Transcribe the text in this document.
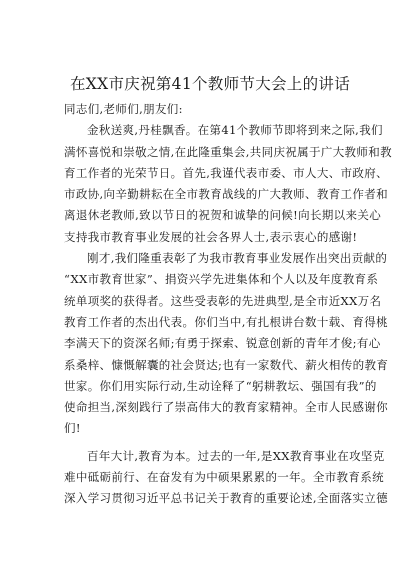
在XX市庆祝第41个教师节大会上的讲话
同志们,老师们,朋友们:
金秋送爽,丹桂飘香。在第41个教师节即将到来之际,我们
满怀喜悦和崇敬之情,在此隆重集会,共同庆祝属于广大教师和教
育工作者的光荣节日。首先,我谨代表市委、市人大、市政府、
市政协,向辛勤耕耘在全市教育战线的广大教师、教育工作者和
离退休老教师,致以节日的祝贺和诚挚的问候!向长期以来关心
支持我市教育事业发展的社会各界人士,表示衷心的感谢!
刚才,我们隆重表彰了为我市教育事业发展作出突出贡献的
“XX市教育世家”、捐资兴学先进集体和个人以及年度教育系
统单项奖的获得者。这些受表彰的先进典型,是全市近XX万名
教育工作者的杰出代表。你们当中,有扎根讲台数十载、育得桃
李满天下的资深名师;有勇于探索、锐意创新的青年才俊;有心
系桑梓、慷慨解囊的社会贤达;也有一家数代、薪火相传的教育
世家。你们用实际行动,生动诠释了“躬耕教坛、强国有我”的
使命担当,深刻践行了崇高伟大的教育家精神。全市人民感谢你
们!
百年大计,教育为本。过去的一年,是XX教育事业在攻坚克
难中砥砺前行、在奋发有为中硕果累累的一年。全市教育系统
深入学习贯彻习近平总书记关于教育的重要论述,全面落实立德
